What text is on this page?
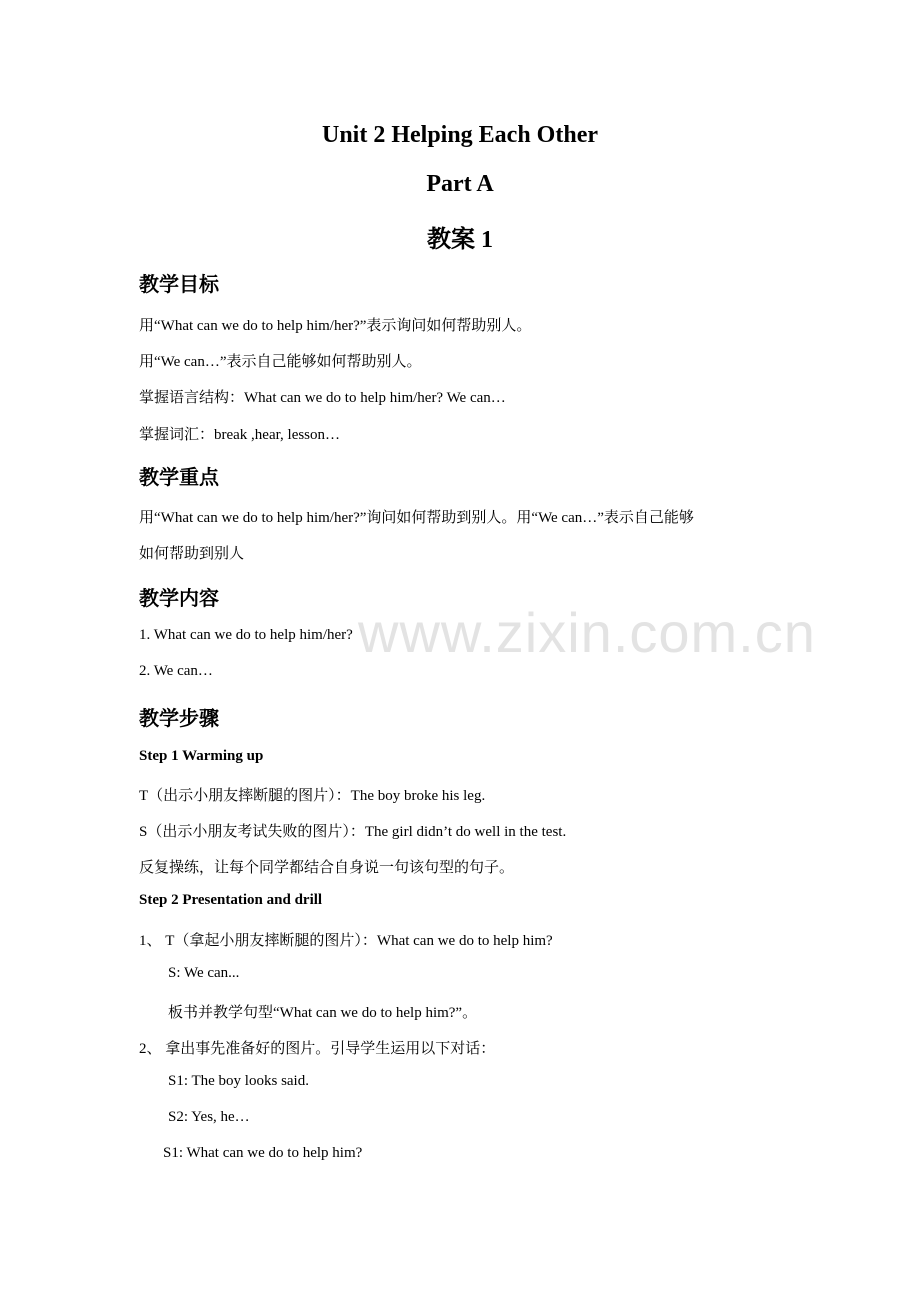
Unit 2 Helping Each Other
Part A
教案 1
教学目标
用“What can we do to help him/her?”表示询问如何帮助别人。
用“We can…”表示自己能够如何帮助别人。
掌握语言结构：What can we do to help him/her? We can…
掌握词汇：break ,hear, lesson…
教学重点
用“What can we do to help him/her?”询问如何帮助到别人。用“We can…”表示自己能够
如何帮助到别人
教学内容
1. What can we do to help him/her?
2. We can…
教学步骤
Step 1 Warming up
T（出示小朋友摔断腿的图片）：The boy broke his leg.
S（出示小朋友考试失败的图片）：The girl didn’t do well in the test.
反复操练，让每个同学都结合自身说一句该句型的句子。
Step 2 Presentation and drill
1、 T（拿起小朋友摔断腿的图片）：What can we do to help him?
S: We can...
板书并教学句型“What can we do to help him?”。
2、 拿出事先准备好的图片。引导学生运用以下对话：
S1: The boy looks said.
S2: Yes, he…
S1: What can we do to help him?
www.zixin.com.cn
